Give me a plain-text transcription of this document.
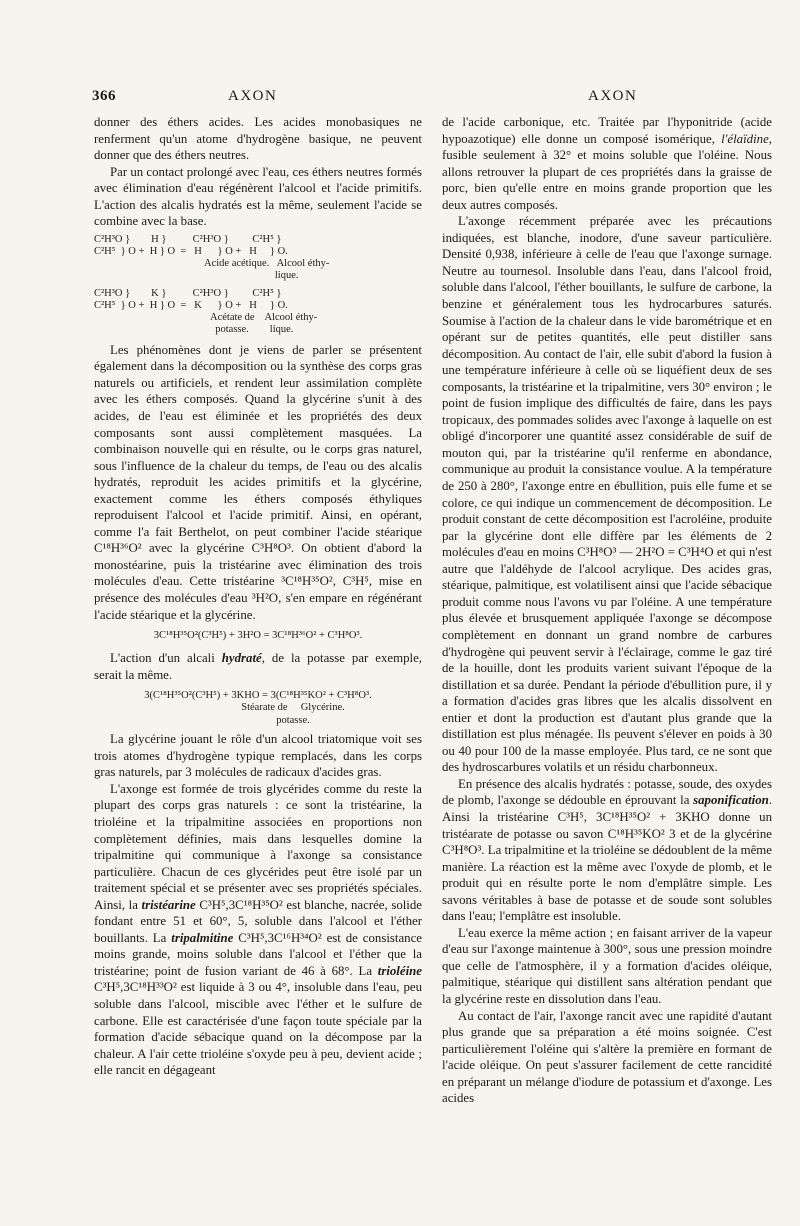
366	AXON	AXON

donner des éthers acides. Les acides monobasiques ne renferment qu'un atome d'hydrogène basique, ne peuvent donner que des éthers neutres.

Par un contact prolongé avec l'eau, ces éthers neutres formés avec élimination d'eau régénèrent l'alcool et l'acide primitifs. L'action des alcalis hydratés est la même, seulement l'acide se combine avec la base.

C²H³O }        H }          C²H³O }         C²H⁵ }
C²H⁵  } O +  H } O  =   H      } O +   H     } O.
Acide acétique.   Alcool éthy-
lique.
C²H³O }        K }          C²H³O }         C²H⁵ }
C²H⁵  } O +  H } O  =   K      } O +   H     } O.
Acétate de    Alcool éthy-
potasse.        lique.

Les phénomènes dont je viens de parler se présentent également dans la décomposition ou la synthèse des corps gras naturels ou artificiels, et rendent leur assimilation complète avec les éthers composés. Quand la glycérine s'unit à des acides, de l'eau est éliminée et les propriétés des deux composants sont aussi complètement masquées. La combinaison nouvelle qui en résulte, ou le corps gras naturel, sous l'influence de la chaleur du temps, de l'eau ou des alcalis hydratés, reproduit les acides primitifs et la glycérine, exactement comme les éthers composés éthyliques reproduisent l'alcool et l'acide primitif. Ainsi, en opérant, comme l'a fait Berthelot, on peut combiner l'acide stéarique C¹⁸H³⁶O² avec la glycérine C³H⁸O³. On obtient d'abord la monostéarine, puis la tristéarine avec élimination des trois molécules d'eau. Cette tristéarine ³C¹⁸H³⁵O², C³H⁵, mise en présence des molécules d'eau ³H²O, s'en empare en régénérant l'acide stéarique et la glycérine.

3C¹⁸H³⁵O²(C³H⁵) + 3H²O = 3C¹⁸H³⁶O² + C³H⁸O³.

L'action d'un alcali hydraté, de la potasse par exemple, serait la même.

3(C¹⁸H³⁵O²(C³H⁵) + 3KHO = 3(C¹⁸H³⁵KO² + C³H⁸O³.
Stéarate de     Glycérine.
potasse.

La glycérine jouant le rôle d'un alcool triatomique voit ses trois atomes d'hydrogène typique remplacés, dans les corps gras naturels, par 3 molécules de radicaux d'acides gras.

L'axonge est formée de trois glycérides comme du reste la plupart des corps gras naturels : ce sont la tristéarine, la trioléine et la tripalmitine associées en proportions non complètement définies, mais dans lesquelles domine la tripalmitine qui communique à l'axonge sa consistance particulière. Chacun de ces glycérides peut être isolé par un traitement spécial et se présenter avec ses propriétés spéciales. Ainsi, la tristéarine C³H⁵,3C¹⁸H³⁵O² est blanche, nacrée, solide fondant entre 51 et 60°, 5, soluble dans l'alcool et l'éther bouillants. La tripalmitine C³H⁵,3C¹⁶H³⁴O² est de consistance moins grande, moins soluble dans l'alcool et l'éther que la tristéarine; point de fusion variant de 46 à 68°. La trioléine C³H⁵,3C¹⁸H³³O² est liquide à 3 ou 4°, insoluble dans l'eau, peu soluble dans l'alcool, miscible avec l'éther et le sulfure de carbone. Elle est caractérisée d'une façon toute spéciale par la formation d'acide sébacique quand on la décompose par la chaleur. A l'air cette trioléine s'oxyde peu à peu, devient acide ; elle rancit en dégageant

de l'acide carbonique, etc. Traitée par l'hyponitride (acide hypoazotique) elle donne un composé isomérique, l'élaïdine, fusible seulement à 32° et moins soluble que l'oléine. Nous allons retrouver la plupart de ces propriétés dans la graisse de porc, bien qu'elle entre en moins grande proportion que les deux autres composés.

L'axonge récemment préparée avec les précautions indiquées, est blanche, inodore, d'une saveur particulière. Densité 0,938, inférieure à celle de l'eau que l'axonge surnage. Neutre au tournesol. Insoluble dans l'eau, dans l'alcool froid, soluble dans l'alcool, l'éther bouillants, le sulfure de carbone, la benzine et généralement tous les hydrocarbures saturés. Soumise à l'action de la chaleur dans le vide barométrique et en opérant sur de petites quantités, elle peut distiller sans décomposition. Au contact de l'air, elle subit d'abord la fusion à une température inférieure à celle où se liquéfient deux de ses composants, la tristéarine et la tripalmitine, vers 30° environ ; le point de fusion implique des difficultés de faire, dans les pays tropicaux, des pommades solides avec l'axonge à laquelle on est obligé d'incorporer une quantité assez considérable de suif de mouton qui, par la tristéarine qu'il renferme en abondance, communique au produit la consistance voulue. A la température de 250 à 280°, l'axonge entre en ébullition, puis elle fume et se colore, ce qui indique un commencement de décomposition. Le produit constant de cette décomposition est l'acroléine, produite par la glycérine dont elle diffère par les éléments de 2 molécules d'eau en moins C³H⁸O³ — 2H²O = C³H⁴O et qui n'est autre que l'aldéhyde de l'alcool acrylique. Des acides gras, stéarique, palmitique, est volatilisent ainsi que l'acide sébacique produit comme nous l'avons vu par l'oléine. A une température plus élevée et brusquement appliquée l'axonge se décompose complètement en donnant un grand nombre de carbures d'hydrogène qui peuvent servir à l'éclairage, comme le gaz tiré de la houille, dont les produits varient suivant l'époque de la distillation et sa durée. Pendant la période d'ébullition pure, il y a formation d'acides gras libres que les alcalis dissolvent en entier et dont la production est d'autant plus grande que la distillation est plus ménagée. Ils peuvent s'élever en poids à 30 ou 40 pour 100 de la masse employée. Plus tard, ce ne sont que des hydroscarbures volatils et un résidu charbonneux.

En présence des alcalis hydratés : potasse, soude, des oxydes de plomb, l'axonge se dédouble en éprouvant la saponification. Ainsi la tristéarine C³H⁵, 3C¹⁸H³⁵O² + 3KHO donne un tristéarate de potasse ou savon C¹⁸H³⁵KO² 3 et de la glycérine C³H⁸O³. La tripalmitine et la trioléine se dédoublent de la même manière. La réaction est la même avec l'oxyde de plomb, et le produit qui en résulte porte le nom d'emplâtre simple. Les savons véritables à base de potasse et de soude sont solubles dans l'eau; l'emplâtre est insoluble.

L'eau exerce la même action ; en faisant arriver de la vapeur d'eau sur l'axonge maintenue à 300°, sous une pression moindre que celle de l'atmosphère, il y a formation d'acides oléique, palmitique, stéarique qui distillent sans altération pendant que la glycérine reste en dissolution dans l'eau.

Au contact de l'air, l'axonge rancit avec une rapidité d'autant plus grande que sa préparation a été moins soignée. C'est particulièrement l'oléine qui s'altère la première en formant de l'acide oléique. On peut s'assurer facilement de cette rancidité en préparant un mélange d'iodure de potassium et d'axonge. Les acides
